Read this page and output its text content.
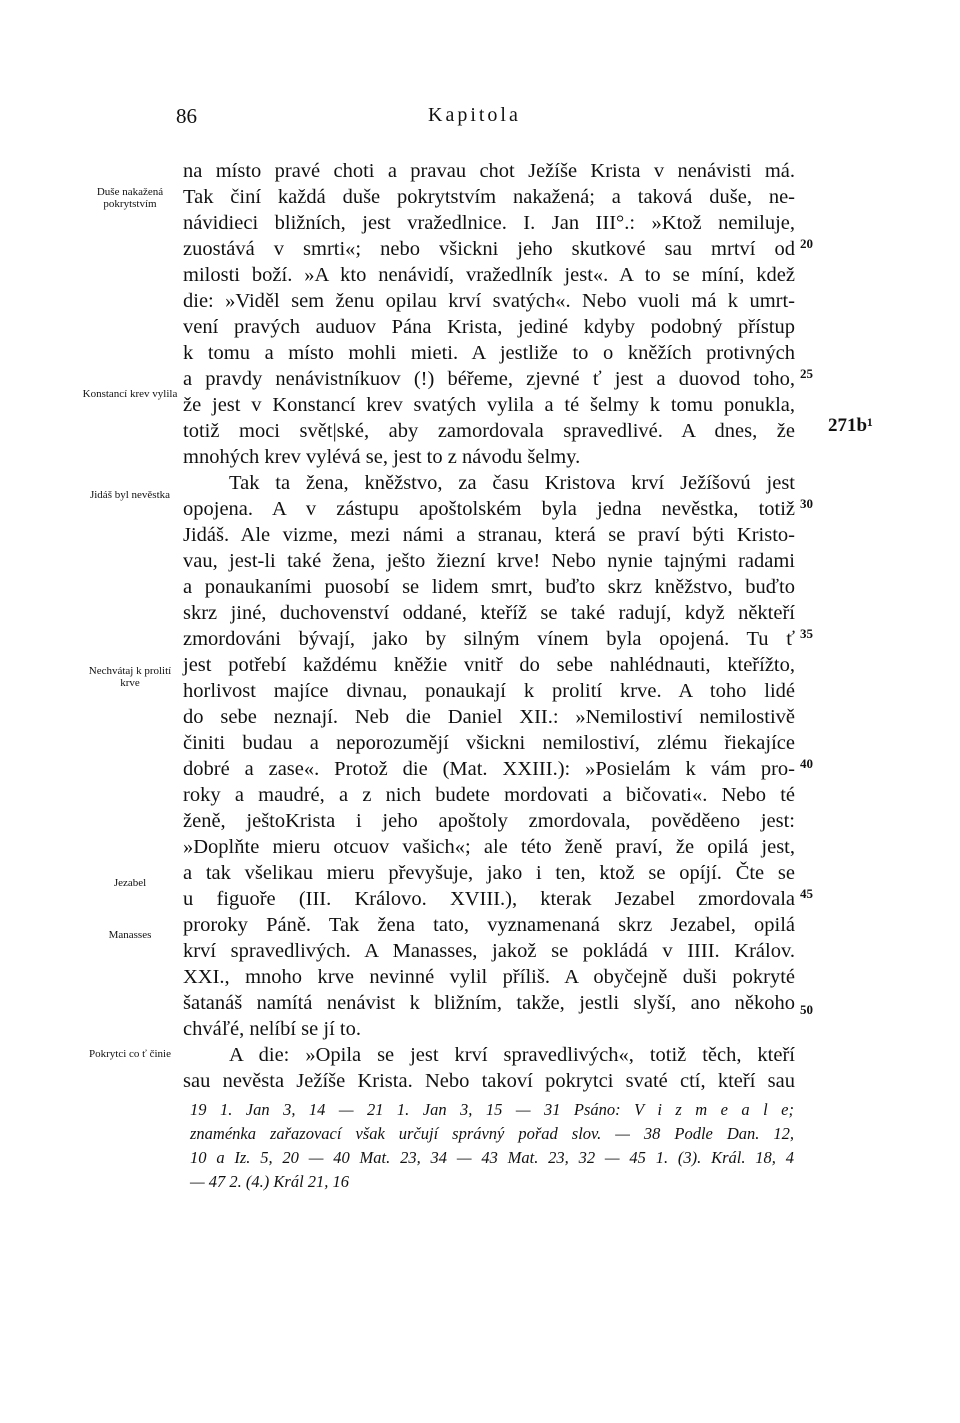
86	Kapitola
na místo pravé choti a pravau chot Ježíše Krista v nenávisti má.
Tak činí každá duše pokrytstvím nakažená; a taková duše, ne-
návidieci bližních, jest vražedlnice. I. Jan III°.: »Ktož nemiluje,
zuostává v smrti«; nebo všickni jeho skutkové sau mrtví od
milosti boží. »A kto nenávidí, vražedlník jest«. A to se míní, kdež
die: »Viděl sem ženu opilau krví svatých«. Nebo vuoli má k umrt-
vení pravých auduov Pána Krista, jediné kdyby podobný přístup
k tomu a místo mohli mieti. A jestliže to o kněžích protivných
a pravdy nenávistníkuov (!) béřeme, zjevné ť jest a duovod toho,
že jest v Konstancí krev svatých vylila a té šelmy k tomu ponukla,
totiž moci svět|ské, aby zamordovala spravedlivé. A dnes, že
mnohých krev vylévá se, jest to z návodu šelmy.
Tak ta žena, kněžstvo, za času Kristova krví Ježíšovú jest
opojena. A v zástupu apoštolském byla jedna nevěstka, totiž
Jidáš. Ale vizme, mezi námi a stranau, která se praví býti Kristo-
vau, jest-li také žena, ješto žiezní krve! Nebo nynie tajnými radami
a ponaukaními puosobí se lidem smrt, buďto skrz kněžstvo, buďto
skrz jiné, duchovenství oddané, kteříž se také radují, když někteří
zmordováni bývají, jako by silným vínem byla opojená. Tu ť
jest potřebí každému kněžie vnitř do sebe nahlédnauti, kteřížto,
horlivost majíce divnau, ponaukají k prolití krve. A toho lidé
do sebe neznají. Neb die Daniel XII.: »Nemilostiví nemilostivě
činiti budau a neporozumějí všickni nemilostiví, zlému řiekajíce
dobré a zase«. Protož die (Mat. XXIII.): »Posielám k vám pro-
roky a maudré, a z nich budete mordovati a bičovati«. Nebo té
ženě, ještoKrista i jeho apoštoly zmordovala, pověděeno jest:
»Doplňte mieru otcuov vašich«; ale této ženě praví, že opilá jest,
a tak všelikau mieru převyšuje, jako i ten, ktož se opíjí. Čte se
u figuoře (III. Královo. XVIII.), kterak Jezabel zmordovala
proroky Páně. Tak žena tato, vyznamenaná skrz Jezabel, opilá
krví spravedlivých. A Manasses, jakož se pokládá v IIII. Králov.
XXI., mnoho krve nevinné vylil příliš. A obyčejně duši pokryté
šatanáš namítá nenávist k bližním, takže, jestli slyší, ano někoho
chváľé, nelíbí se jí to.
A die: »Opila se jest krví spravedlivých«, totiž těch, kteří
sau nevěsta Ježíše Krista. Nebo takoví pokrytci svaté ctí, kteří sau
Duše nakažená pokrytstvím
Konstancí krev vylila
Jidáš byl nevěstka
Nechvátaj k prolití krve
Jezabel
Manasses
Pokrytci co ť činie
20
25
30
35
40
45
50
271b¹
19 1. Jan 3, 14 — 21 1. Jan 3, 15 — 31 Psáno: V i z m e a l e;
znaménka zařazovací však určují správný pořad slov. — 38 Podle Dan. 12,
10 a Iz. 5, 20 — 40 Mat. 23, 34 — 43 Mat. 23, 32 — 45 1. (3). Král. 18, 4
— 47 2. (4.) Král 21, 16
